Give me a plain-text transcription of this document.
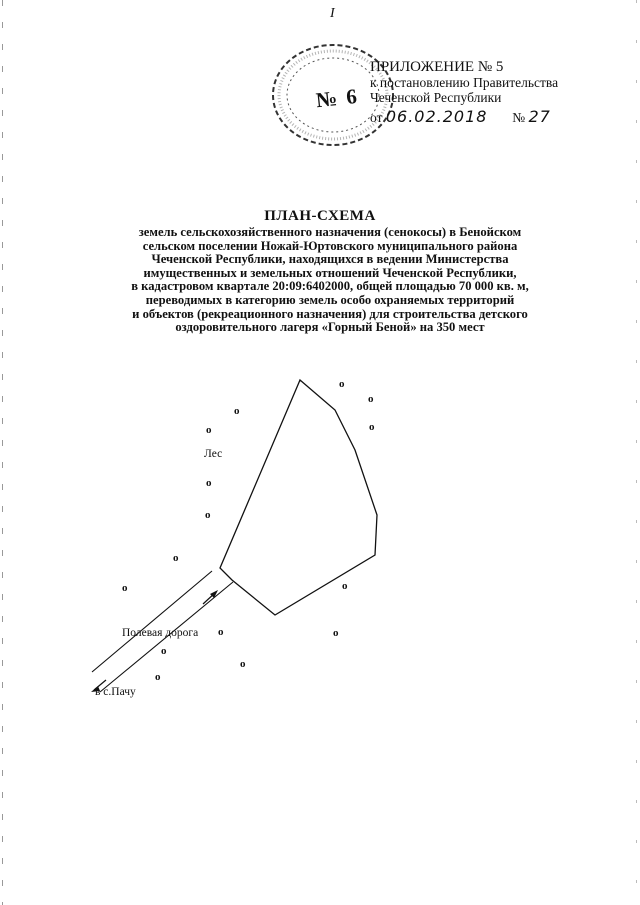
I
№ 6
ПРИЛОЖЕНИЕ № 5
к постановлению Правительства
Чеченской Республики
от 06.02.2018 № 27
ПЛАН-СХЕМА
земель сельскохозяйственного назначения (сенокосы) в Бенойском
сельском поселении Ножай-Юртовского муниципального района
Чеченской Республики, находящихся в ведении Министерства
имущественных и земельных отношений Чеченской Республики,
в кадастровом квартале 20:09:6402000, общей площадью 70 000 кв. м,
переводимых в категорию земель особо охраняемых территорий
и объектов (рекреационного назначения) для строительства детского
оздоровительного лагеря «Горный Беной» на 350 мест
Лес
Полевая дорога
в с.Пачу
о
о
о
о
о
о
о
о
о	о
о	о
о
о
о
